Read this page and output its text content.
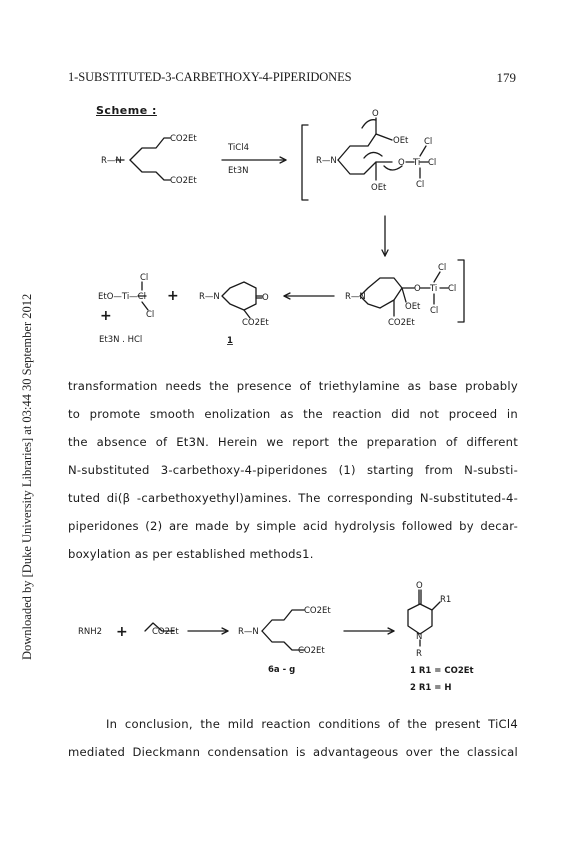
Downloaded by [Duke University Libraries] at 03:44 30 September 2012
1-SUBSTITUTED-3-CARBETHOXY-4-PIPERIDONES	179
Scheme :
R—N
CO2Et
CO2Et
TiCl4
Et3N
R—N
O
OEt
OEt
O Ti Cl
Cl
Cl
R—N
OEt
CO2Et
O Ti Cl
Cl
Cl
R—N	O
CO2Et
1
Cl
EtO—Ti—Cl
Cl
+
+
Et3N . HCl
RNH2 +	CO2Et	R—N
CO2Et
CO2Et
6a - g
O
R1
N
R
1 R1 = CO2Et
2 R1 = H
transformation needs the presence of triethylamine as base probably
to promote smooth enolization as the reaction did not proceed in
the absence of Et3N. Herein we report the preparation of different
N-substituted 3-carbethoxy-4-piperidones (1) starting from N-substi-
tuted di(β -carbethoxyethyl)amines. The corresponding N-substituted-4-
piperidones (2) are made by simple acid hydrolysis followed by decar-
boxylation as per established methods1.
In conclusion, the mild reaction conditions of the present TiCl4
mediated Dieckmann condensation is advantageous over the classical
